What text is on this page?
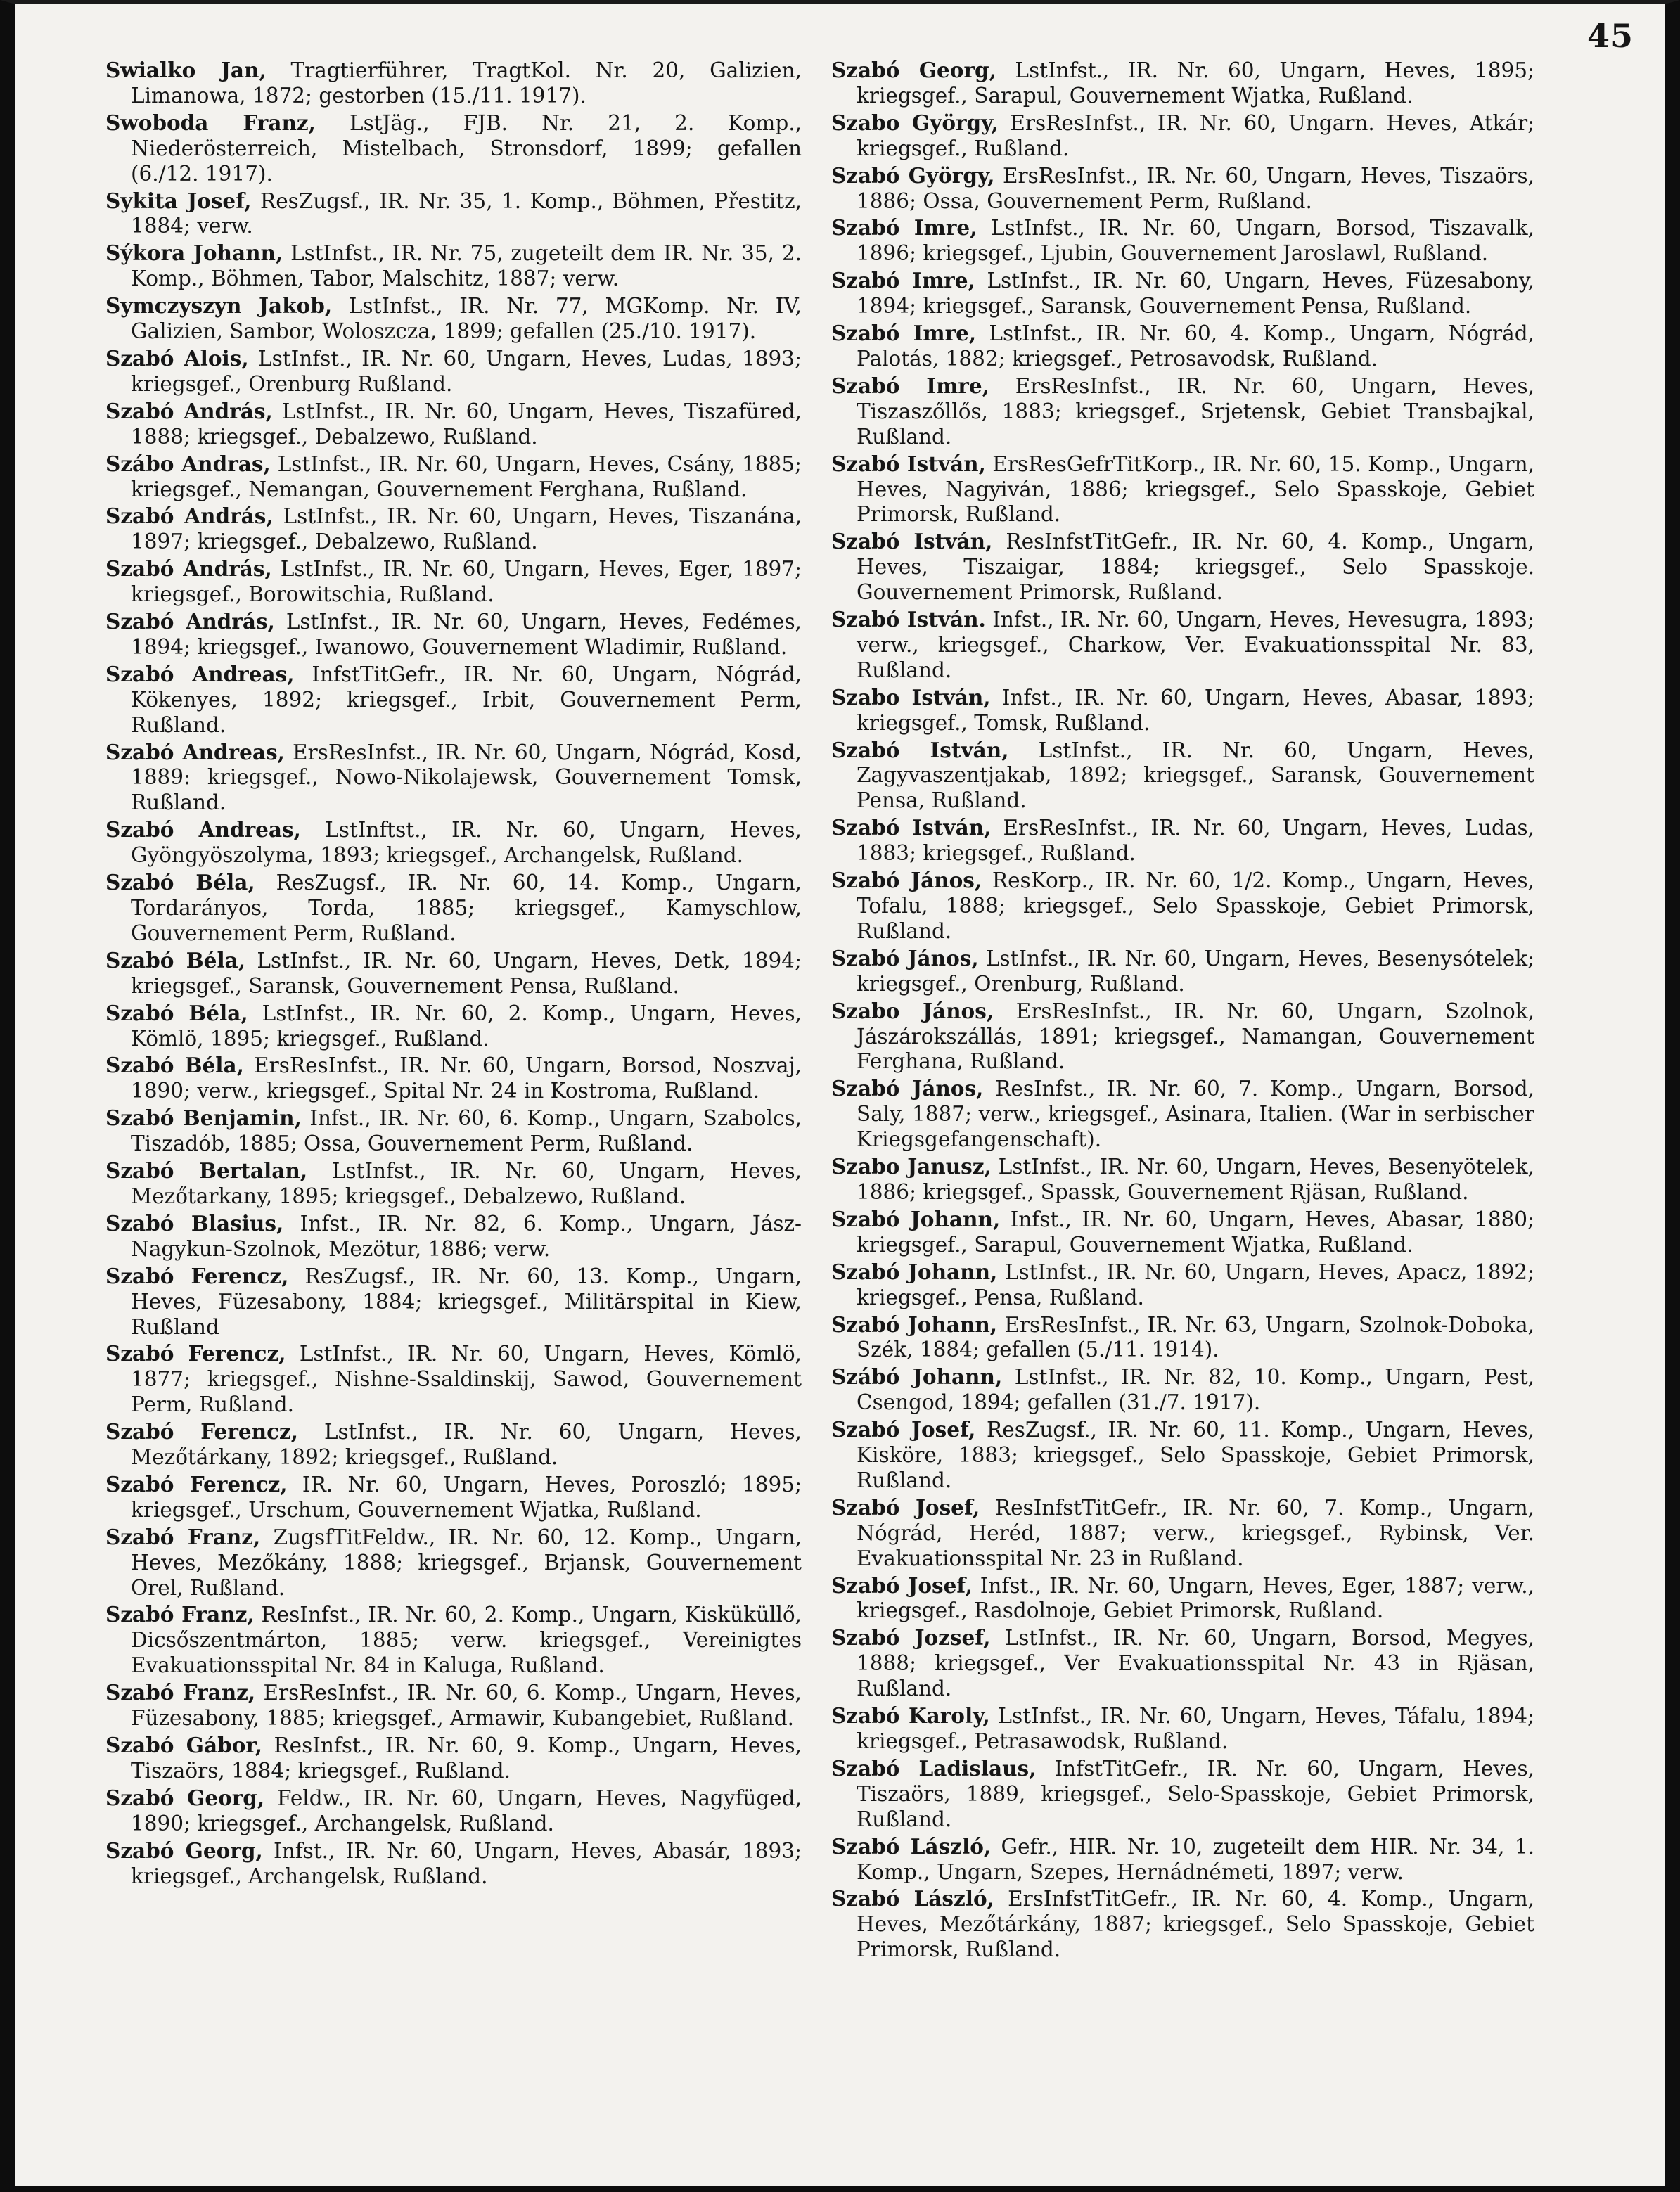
45

Swialko Jan, Tragtierführer, TragtKol. Nr. 20, Galizien, Limanowa, 1872; gestorben (15./11. 1917).

Swoboda Franz, LstJäg., FJB. Nr. 21, 2. Komp., Niederösterreich, Mistelbach, Stronsdorf, 1899; gefallen (6./12. 1917).

Sykita Josef, ResZugsf., IR. Nr. 35, 1. Komp., Böhmen, Přestitz, 1884; verw.

Sýkora Johann, LstInfst., IR. Nr. 75, zugeteilt dem IR. Nr. 35, 2. Komp., Böhmen, Tabor, Malschitz, 1887; verw.

Symczyszyn Jakob, LstInfst., IR. Nr. 77, MGKomp. Nr. IV, Galizien, Sambor, Woloszcza, 1899; gefallen (25./10. 1917).

Szabó Alois, LstInfst., IR. Nr. 60, Ungarn, Heves, Ludas, 1893; kriegsgef., Orenburg Rußland.

Szabó András, LstInfst., IR. Nr. 60, Ungarn, Heves, Tiszafüred, 1888; kriegsgef., Debalzewo, Rußland.

Szábo Andras, LstInfst., IR. Nr. 60, Ungarn, Heves, Csány, 1885; kriegsgef., Nemangan, Gouvernement Ferghana, Rußland.

Szabó András, LstInfst., IR. Nr. 60, Ungarn, Heves, Tiszanána, 1897; kriegsgef., Debalzewo, Rußland.

Szabó András, LstInfst., IR. Nr. 60, Ungarn, Heves, Eger, 1897; kriegsgef., Borowitschia, Rußland.

Szabó András, LstInfst., IR. Nr. 60, Ungarn, Heves, Fedémes, 1894; kriegsgef., Iwanowo, Gouvernement Wladimir, Rußland.

Szabó Andreas, InfstTitGefr., IR. Nr. 60, Ungarn, Nógrád, Kökenyes, 1892; kriegsgef., Irbit, Gouvernement Perm, Rußland.

Szabó Andreas, ErsResInfst., IR. Nr. 60, Ungarn, Nógrád, Kosd, 1889: kriegsgef., Nowo-Nikolajewsk, Gouvernement Tomsk, Rußland.

Szabó Andreas, LstInftst., IR. Nr. 60, Ungarn, Heves, Gyöngyöszolyma, 1893; kriegsgef., Archangelsk, Rußland.

Szabó Béla, ResZugsf., IR. Nr. 60, 14. Komp., Ungarn, Tordarányos, Torda, 1885; kriegsgef., Kamyschlow, Gouvernement Perm, Rußland.

Szabó Béla, LstInfst., IR. Nr. 60, Ungarn, Heves, Detk, 1894; kriegsgef., Saransk, Gouvernement Pensa, Rußland.

Szabó Béla, LstInfst., IR. Nr. 60, 2. Komp., Ungarn, Heves, Kömlö, 1895; kriegsgef., Rußland.

Szabó Béla, ErsResInfst., IR. Nr. 60, Ungarn, Borsod, Noszvaj, 1890; verw., kriegsgef., Spital Nr. 24 in Kostroma, Rußland.

Szabó Benjamin, Infst., IR. Nr. 60, 6. Komp., Ungarn, Szabolcs, Tiszadób, 1885; Ossa, Gouvernement Perm, Rußland.

Szabó Bertalan, LstInfst., IR. Nr. 60, Ungarn, Heves, Mezőtarkany, 1895; kriegsgef., Debalzewo, Rußland.

Szabó Blasius, Infst., IR. Nr. 82, 6. Komp., Ungarn, Jász-Nagykun-Szolnok, Mezötur, 1886; verw.

Szabó Ferencz, ResZugsf., IR. Nr. 60, 13. Komp., Ungarn, Heves, Füzesabony, 1884; kriegsgef., Militärspital in Kiew, Rußland

Szabó Ferencz, LstInfst., IR. Nr. 60, Ungarn, Heves, Kömlö, 1877; kriegsgef., Nishne-Ssaldinskij, Sawod, Gouvernement Perm, Rußland.

Szabó Ferencz, LstInfst., IR. Nr. 60, Ungarn, Heves, Mezőtárkany, 1892; kriegsgef., Rußland.

Szabó Ferencz, IR. Nr. 60, Ungarn, Heves, Poroszló; 1895; kriegsgef., Urschum, Gouvernement Wjatka, Rußland.

Szabó Franz, ZugsfTitFeldw., IR. Nr. 60, 12. Komp., Ungarn, Heves, Mezőkány, 1888; kriegsgef., Brjansk, Gouvernement Orel, Rußland.

Szabó Franz, ResInfst., IR. Nr. 60, 2. Komp., Ungarn, Kisküküllő, Dicsőszentmárton, 1885; verw. kriegsgef., Vereinigtes Evakuationsspital Nr. 84 in Kaluga, Rußland.

Szabó Franz, ErsResInfst., IR. Nr. 60, 6. Komp., Ungarn, Heves, Füzesabony, 1885; kriegsgef., Armawir, Kubangebiet, Rußland.

Szabó Gábor, ResInfst., IR. Nr. 60, 9. Komp., Ungarn, Heves, Tiszaörs, 1884; kriegsgef., Rußland.

Szabó Georg, Feldw., IR. Nr. 60, Ungarn, Heves, Nagyfüged, 1890; kriegsgef., Archangelsk, Rußland.

Szabó Georg, Infst., IR. Nr. 60, Ungarn, Heves, Abasár, 1893; kriegsgef., Archangelsk, Rußland.

Szabó Georg, LstInfst., IR. Nr. 60, Ungarn, Heves, 1895; kriegsgef., Sarapul, Gouvernement Wjatka, Rußland.

Szabo György, ErsResInfst., IR. Nr. 60, Ungarn. Heves, Atkár; kriegsgef., Rußland.

Szabó György, ErsResInfst., IR. Nr. 60, Ungarn, Heves, Tiszaörs, 1886; Ossa, Gouvernement Perm, Rußland.

Szabó Imre, LstInfst., IR. Nr. 60, Ungarn, Borsod, Tiszavalk, 1896; kriegsgef., Ljubin, Gouvernement Jaroslawl, Rußland.

Szabó Imre, LstInfst., IR. Nr. 60, Ungarn, Heves, Füzesabony, 1894; kriegsgef., Saransk, Gouvernement Pensa, Rußland.

Szabó Imre, LstInfst., IR. Nr. 60, 4. Komp., Ungarn, Nógrád, Palotás, 1882; kriegsgef., Petrosavodsk, Rußland.

Szabó Imre, ErsResInfst., IR. Nr. 60, Ungarn, Heves, Tiszaszőllős, 1883; kriegsgef., Srjetensk, Gebiet Transbajkal, Rußland.

Szabó István, ErsResGefrTitKorp., IR. Nr. 60, 15. Komp., Ungarn, Heves, Nagyiván, 1886; kriegsgef., Selo Spasskoje, Gebiet Primorsk, Rußland.

Szabó István, ResInfstTitGefr., IR. Nr. 60, 4. Komp., Ungarn, Heves, Tiszaigar, 1884; kriegsgef., Selo Spasskoje. Gouvernement Primorsk, Rußland.

Szabó István. Infst., IR. Nr. 60, Ungarn, Heves, Hevesugra, 1893; verw., kriegsgef., Charkow, Ver. Evakuationsspital Nr. 83, Rußland.

Szabo István, Infst., IR. Nr. 60, Ungarn, Heves, Abasar, 1893; kriegsgef., Tomsk, Rußland.

Szabó István, LstInfst., IR. Nr. 60, Ungarn, Heves, Zagyvaszentjakab, 1892; kriegsgef., Saransk, Gouvernement Pensa, Rußland.

Szabó István, ErsResInfst., IR. Nr. 60, Ungarn, Heves, Ludas, 1883; kriegsgef., Rußland.

Szabó János, ResKorp., IR. Nr. 60, 1/2. Komp., Ungarn, Heves, Tofalu, 1888; kriegsgef., Selo Spasskoje, Gebiet Primorsk, Rußland.

Szabó János, LstInfst., IR. Nr. 60, Ungarn, Heves, Besenysótelek; kriegsgef., Orenburg, Rußland.

Szabo János, ErsResInfst., IR. Nr. 60, Ungarn, Szolnok, Jászárokszállás, 1891; kriegsgef., Namangan, Gouvernement Ferghana, Rußland.

Szabó János, ResInfst., IR. Nr. 60, 7. Komp., Ungarn, Borsod, Saly, 1887; verw., kriegsgef., Asinara, Italien. (War in serbischer Kriegsgefangenschaft).

Szabo Janusz, LstInfst., IR. Nr. 60, Ungarn, Heves, Besenyötelek, 1886; kriegsgef., Spassk, Gouvernement Rjäsan, Rußland.

Szabó Johann, Infst., IR. Nr. 60, Ungarn, Heves, Abasar, 1880; kriegsgef., Sarapul, Gouvernement Wjatka, Rußland.

Szabó Johann, LstInfst., IR. Nr. 60, Ungarn, Heves, Apacz, 1892; kriegsgef., Pensa, Rußland.

Szabó Johann, ErsResInfst., IR. Nr. 63, Ungarn, Szolnok-Doboka, Szék, 1884; gefallen (5./11. 1914).

Szábó Johann, LstInfst., IR. Nr. 82, 10. Komp., Ungarn, Pest, Csengod, 1894; gefallen (31./7. 1917).

Szabó Josef, ResZugsf., IR. Nr. 60, 11. Komp., Ungarn, Heves, Kisköre, 1883; kriegsgef., Selo Spasskoje, Gebiet Primorsk, Rußland.

Szabó Josef, ResInfstTitGefr., IR. Nr. 60, 7. Komp., Ungarn, Nógrád, Heréd, 1887; verw., kriegsgef., Rybinsk, Ver. Evakuationsspital Nr. 23 in Rußland.

Szabó Josef, Infst., IR. Nr. 60, Ungarn, Heves, Eger, 1887; verw., kriegsgef., Rasdolnoje, Gebiet Primorsk, Rußland.

Szabó Jozsef, LstInfst., IR. Nr. 60, Ungarn, Borsod, Megyes, 1888; kriegsgef., Ver Evakuationsspital Nr. 43 in Rjäsan, Rußland.

Szabó Karoly, LstInfst., IR. Nr. 60, Ungarn, Heves, Táfalu, 1894; kriegsgef., Petrasawodsk, Rußland.

Szabó Ladislaus, InfstTitGefr., IR. Nr. 60, Ungarn, Heves, Tiszaörs, 1889, kriegsgef., Selo-Spasskoje, Gebiet Primorsk, Rußland.

Szabó László, Gefr., HIR. Nr. 10, zugeteilt dem HIR. Nr. 34, 1. Komp., Ungarn, Szepes, Hernádnémeti, 1897; verw.

Szabó László, ErsInfstTitGefr., IR. Nr. 60, 4. Komp., Ungarn, Heves, Mezőtárkány, 1887; kriegsgef., Selo Spasskoje, Gebiet Primorsk, Rußland.
